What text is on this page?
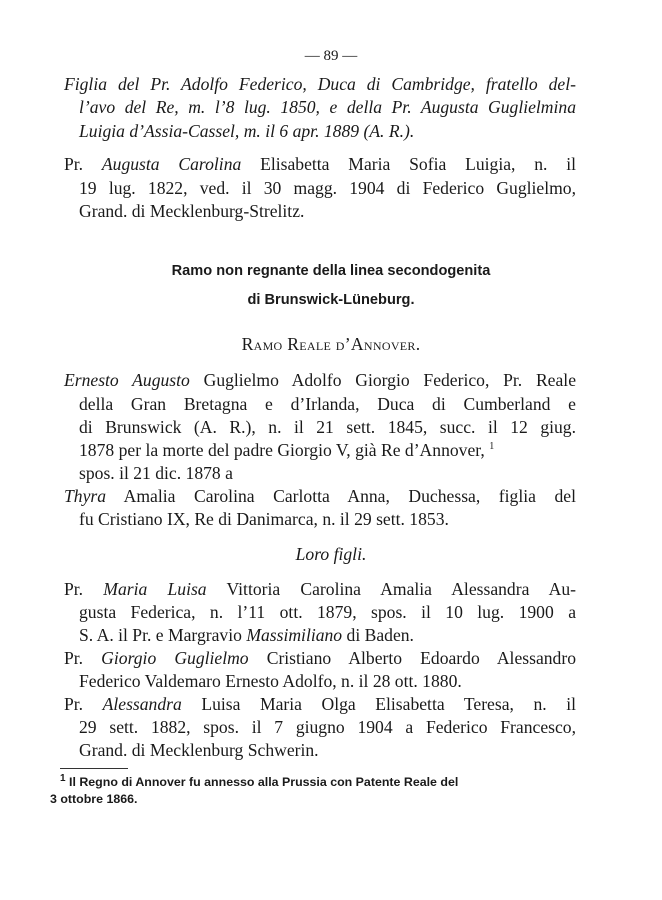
— 89 —
Figlia del Pr. Adolfo Federico, Duca di Cambridge, fratello del-
l’avo del Re, m. l’8 lug. 1850, e della Pr. Augusta Guglielmina
Luigia d’Assia-Cassel, m. il 6 apr. 1889 (A. R.).
Pr. Augusta Carolina Elisabetta Maria Sofia Luigia, n. il
19 lug. 1822, ved. il 30 magg. 1904 di Federico Guglielmo,
Grand. di Mecklenburg-Strelitz.
Ramo non regnante della linea secondogenita
di Brunswick-Lüneburg.
Ramo Reale d’Annover.
Ernesto Augusto Guglielmo Adolfo Giorgio Federico, Pr. Reale
della Gran Bretagna e d’Irlanda, Duca di Cumberland e
di Brunswick (A. R.), n. il 21 sett. 1845, succ. il 12 giug.
1878 per la morte del padre Giorgio V, già Re d’Annover, $^1$
spos. il 21 dic. 1878 a
Thyra Amalia Carolina Carlotta Anna, Duchessa, figlia del
fu Cristiano IX, Re di Danimarca, n. il 29 sett. 1853.
Loro figli.
Pr. Maria Luisa Vittoria Carolina Amalia Alessandra Au-
gusta Federica, n. l’11 ott. 1879, spos. il 10 lug. 1900 a
S. A. il Pr. e Margravio Massimiliano di Baden.
Pr. Giorgio Guglielmo Cristiano Alberto Edoardo Alessandro
Federico Valdemaro Ernesto Adolfo, n. il 28 ott. 1880.
Pr. Alessandra Luisa Maria Olga Elisabetta Teresa, n. il
29 sett. 1882, spos. il 7 giugno 1904 a Federico Francesco,
Grand. di Mecklenburg Schwerin.
$^1$ Il Regno di Annover fu annesso alla Prussia con Patente Reale del
3 ottobre 1866.
